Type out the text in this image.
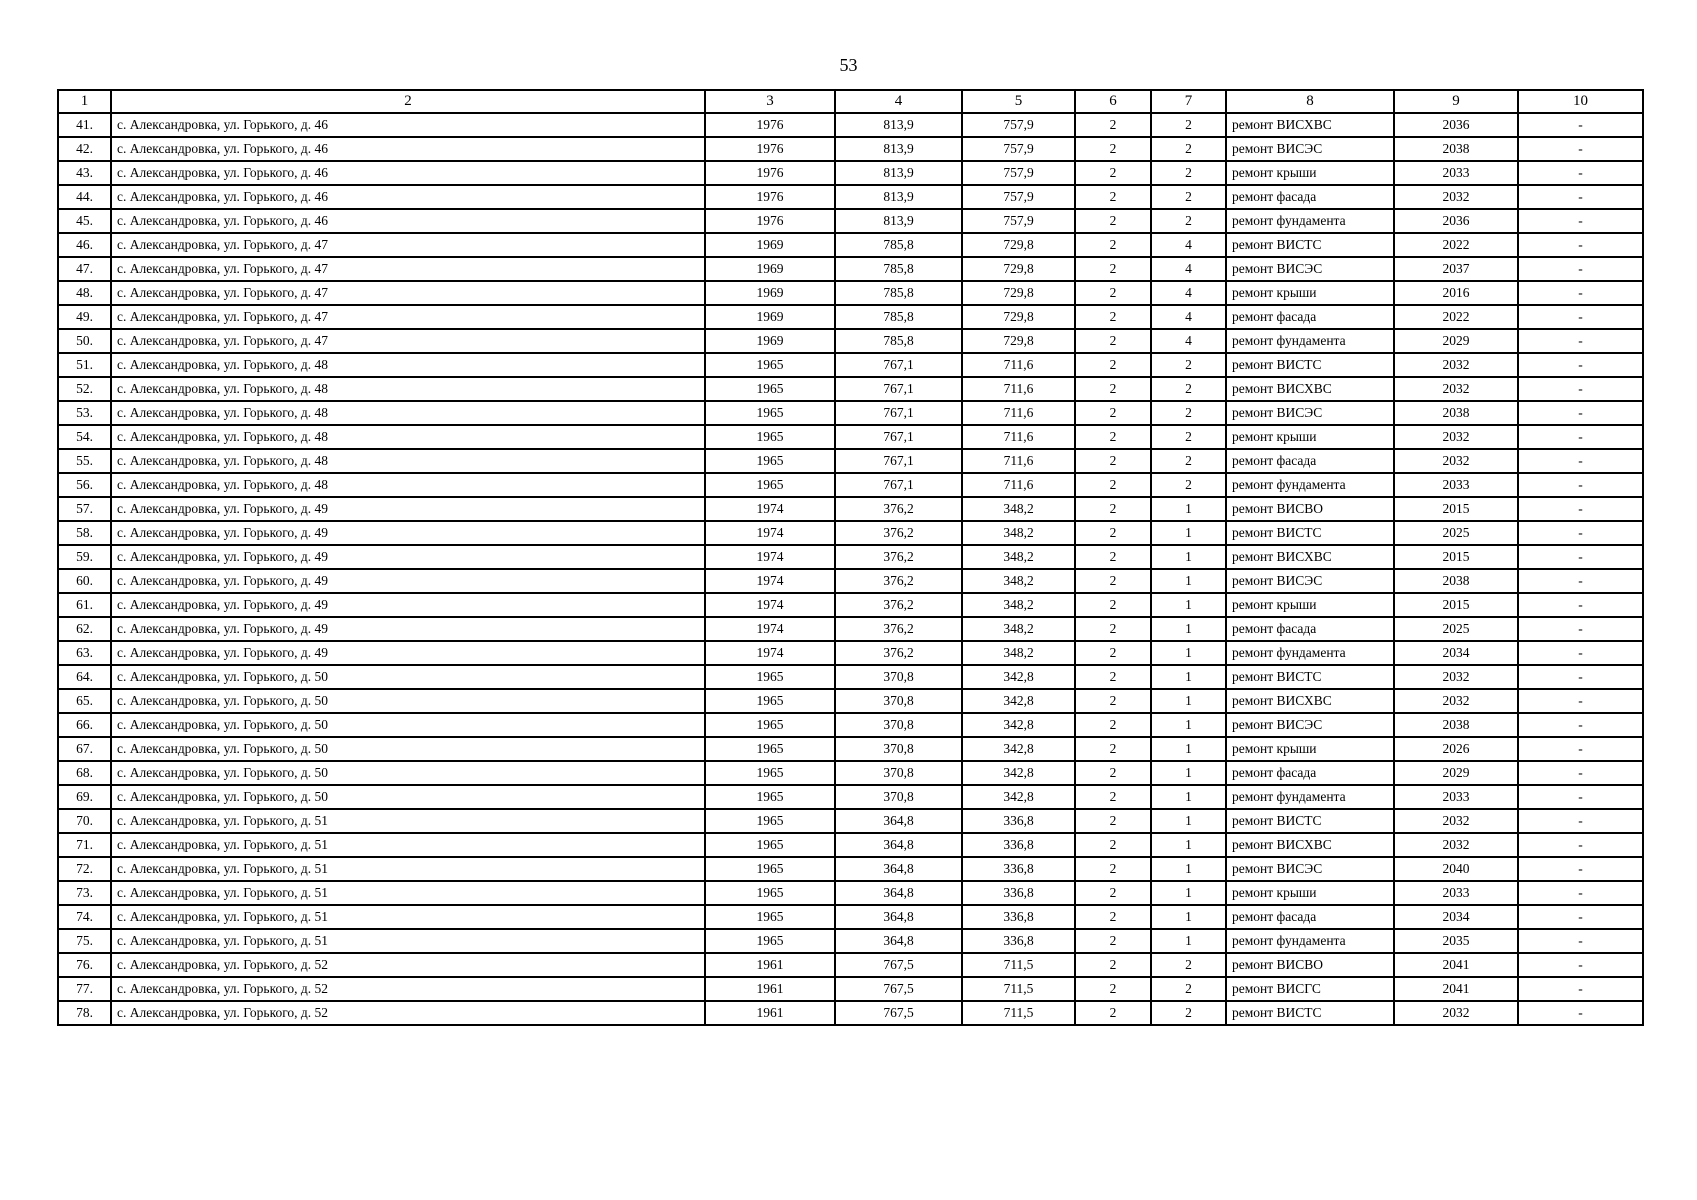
53
1	2	3	4	5	6	7	8	9	10
41.	с. Александровка, ул. Горького, д. 46	1976	813,9	757,9	2	2	ремонт ВИСХВС	2036	-
42.	с. Александровка, ул. Горького, д. 46	1976	813,9	757,9	2	2	ремонт ВИСЭС	2038	-
43.	с. Александровка, ул. Горького, д. 46	1976	813,9	757,9	2	2	ремонт крыши	2033	-
44.	с. Александровка, ул. Горького, д. 46	1976	813,9	757,9	2	2	ремонт фасада	2032	-
45.	с. Александровка, ул. Горького, д. 46	1976	813,9	757,9	2	2	ремонт фундамента	2036	-
46.	с. Александровка, ул. Горького, д. 47	1969	785,8	729,8	2	4	ремонт ВИСТС	2022	-
47.	с. Александровка, ул. Горького, д. 47	1969	785,8	729,8	2	4	ремонт ВИСЭС	2037	-
48.	с. Александровка, ул. Горького, д. 47	1969	785,8	729,8	2	4	ремонт крыши	2016	-
49.	с. Александровка, ул. Горького, д. 47	1969	785,8	729,8	2	4	ремонт фасада	2022	-
50.	с. Александровка, ул. Горького, д. 47	1969	785,8	729,8	2	4	ремонт фундамента	2029	-
51.	с. Александровка, ул. Горького, д. 48	1965	767,1	711,6	2	2	ремонт ВИСТС	2032	-
52.	с. Александровка, ул. Горького, д. 48	1965	767,1	711,6	2	2	ремонт ВИСХВС	2032	-
53.	с. Александровка, ул. Горького, д. 48	1965	767,1	711,6	2	2	ремонт ВИСЭС	2038	-
54.	с. Александровка, ул. Горького, д. 48	1965	767,1	711,6	2	2	ремонт крыши	2032	-
55.	с. Александровка, ул. Горького, д. 48	1965	767,1	711,6	2	2	ремонт фасада	2032	-
56.	с. Александровка, ул. Горького, д. 48	1965	767,1	711,6	2	2	ремонт фундамента	2033	-
57.	с. Александровка, ул. Горького, д. 49	1974	376,2	348,2	2	1	ремонт ВИСВО	2015	-
58.	с. Александровка, ул. Горького, д. 49	1974	376,2	348,2	2	1	ремонт ВИСТС	2025	-
59.	с. Александровка, ул. Горького, д. 49	1974	376,2	348,2	2	1	ремонт ВИСХВС	2015	-
60.	с. Александровка, ул. Горького, д. 49	1974	376,2	348,2	2	1	ремонт ВИСЭС	2038	-
61.	с. Александровка, ул. Горького, д. 49	1974	376,2	348,2	2	1	ремонт крыши	2015	-
62.	с. Александровка, ул. Горького, д. 49	1974	376,2	348,2	2	1	ремонт фасада	2025	-
63.	с. Александровка, ул. Горького, д. 49	1974	376,2	348,2	2	1	ремонт фундамента	2034	-
64.	с. Александровка, ул. Горького, д. 50	1965	370,8	342,8	2	1	ремонт ВИСТС	2032	-
65.	с. Александровка, ул. Горького, д. 50	1965	370,8	342,8	2	1	ремонт ВИСХВС	2032	-
66.	с. Александровка, ул. Горького, д. 50	1965	370,8	342,8	2	1	ремонт ВИСЭС	2038	-
67.	с. Александровка, ул. Горького, д. 50	1965	370,8	342,8	2	1	ремонт крыши	2026	-
68.	с. Александровка, ул. Горького, д. 50	1965	370,8	342,8	2	1	ремонт фасада	2029	-
69.	с. Александровка, ул. Горького, д. 50	1965	370,8	342,8	2	1	ремонт фундамента	2033	-
70.	с. Александровка, ул. Горького, д. 51	1965	364,8	336,8	2	1	ремонт ВИСТС	2032	-
71.	с. Александровка, ул. Горького, д. 51	1965	364,8	336,8	2	1	ремонт ВИСХВС	2032	-
72.	с. Александровка, ул. Горького, д. 51	1965	364,8	336,8	2	1	ремонт ВИСЭС	2040	-
73.	с. Александровка, ул. Горького, д. 51	1965	364,8	336,8	2	1	ремонт крыши	2033	-
74.	с. Александровка, ул. Горького, д. 51	1965	364,8	336,8	2	1	ремонт фасада	2034	-
75.	с. Александровка, ул. Горького, д. 51	1965	364,8	336,8	2	1	ремонт фундамента	2035	-
76.	с. Александровка, ул. Горького, д. 52	1961	767,5	711,5	2	2	ремонт ВИСВО	2041	-
77.	с. Александровка, ул. Горького, д. 52	1961	767,5	711,5	2	2	ремонт ВИСГС	2041	-
78.	с. Александровка, ул. Горького, д. 52	1961	767,5	711,5	2	2	ремонт ВИСТС	2032	-
